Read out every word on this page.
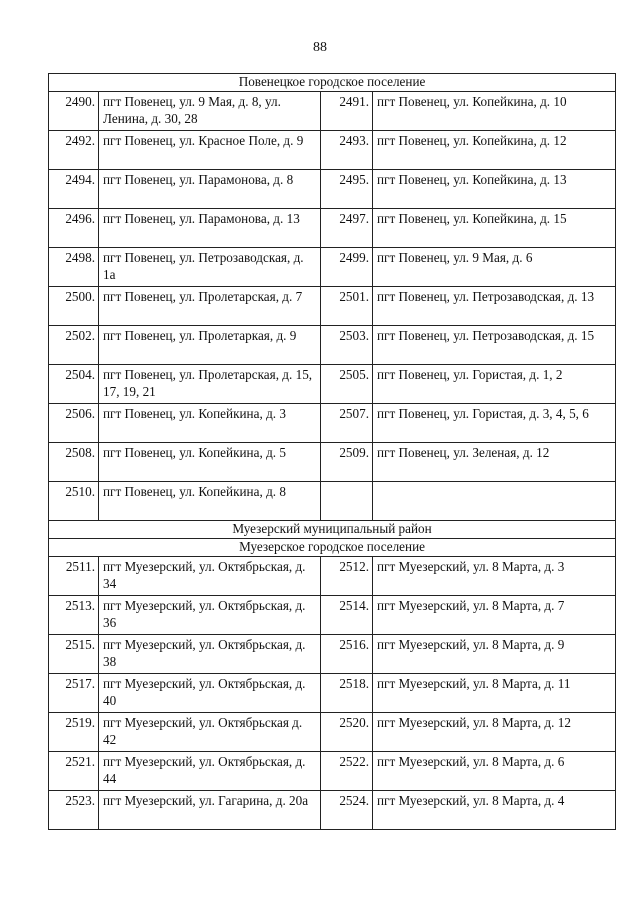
88
Повенецкое городское поселение			
2490.	пгт Повенец, ул. 9 Мая, д. 8, ул. Ленина, д. 30, 28	2491.	пгт Повенец, ул. Копейкина, д. 10
2492.	пгт Повенец, ул. Красное Поле, д. 9	2493.	пгт Повенец, ул. Копейкина, д. 12
2494.	пгт Повенец, ул. Парамонова, д. 8	2495.	пгт Повенец, ул. Копейкина, д. 13
2496.	пгт Повенец, ул. Парамонова, д. 13	2497.	пгт Повенец, ул. Копейкина, д. 15
2498.	пгт Повенец, ул. Петрозаводская, д. 1а	2499.	пгт Повенец, ул. 9 Мая, д. 6
2500.	пгт Повенец, ул. Пролетарская, д. 7	2501.	пгт Повенец, ул. Петрозаводская, д. 13
2502.	пгт Повенец, ул. Пролетаркая, д. 9	2503.	пгт Повенец, ул. Петрозаводская, д. 15
2504.	пгт Повенец, ул. Пролетарская, д. 15, 17, 19, 21	2505.	пгт Повенец, ул. Гористая, д. 1, 2
2506.	пгт Повенец, ул. Копейкина, д. 3	2507.	пгт Повенец, ул. Гористая, д. 3, 4, 5, 6
2508.	пгт Повенец, ул. Копейкина, д. 5	2509.	пгт Повенец, ул. Зеленая, д. 12
2510.	пгт Повенец, ул. Копейкина, д. 8		
Муезерский муниципальный район			
Муезерское городское поселение			
2511.	пгт Муезерский, ул. Октябрьская, д. 34	2512.	пгт Муезерский, ул. 8 Марта, д. 3
2513.	пгт Муезерский, ул. Октябрьская, д. 36	2514.	пгт Муезерский, ул. 8 Марта, д. 7
2515.	пгт Муезерский, ул. Октябрьская, д. 38	2516.	пгт Муезерский, ул. 8 Марта, д. 9
2517.	пгт Муезерский, ул. Октябрьская, д. 40	2518.	пгт Муезерский, ул. 8 Марта, д. 11
2519.	пгт Муезерский, ул. Октябрьская д. 42	2520.	пгт Муезерский, ул. 8 Марта, д. 12
2521.	пгт Муезерский, ул. Октябрьская, д. 44	2522.	пгт Муезерский, ул. 8 Марта, д. 6
2523.	пгт Муезерский, ул. Гагарина, д. 20а	2524.	пгт Муезерский, ул. 8 Марта, д. 4
